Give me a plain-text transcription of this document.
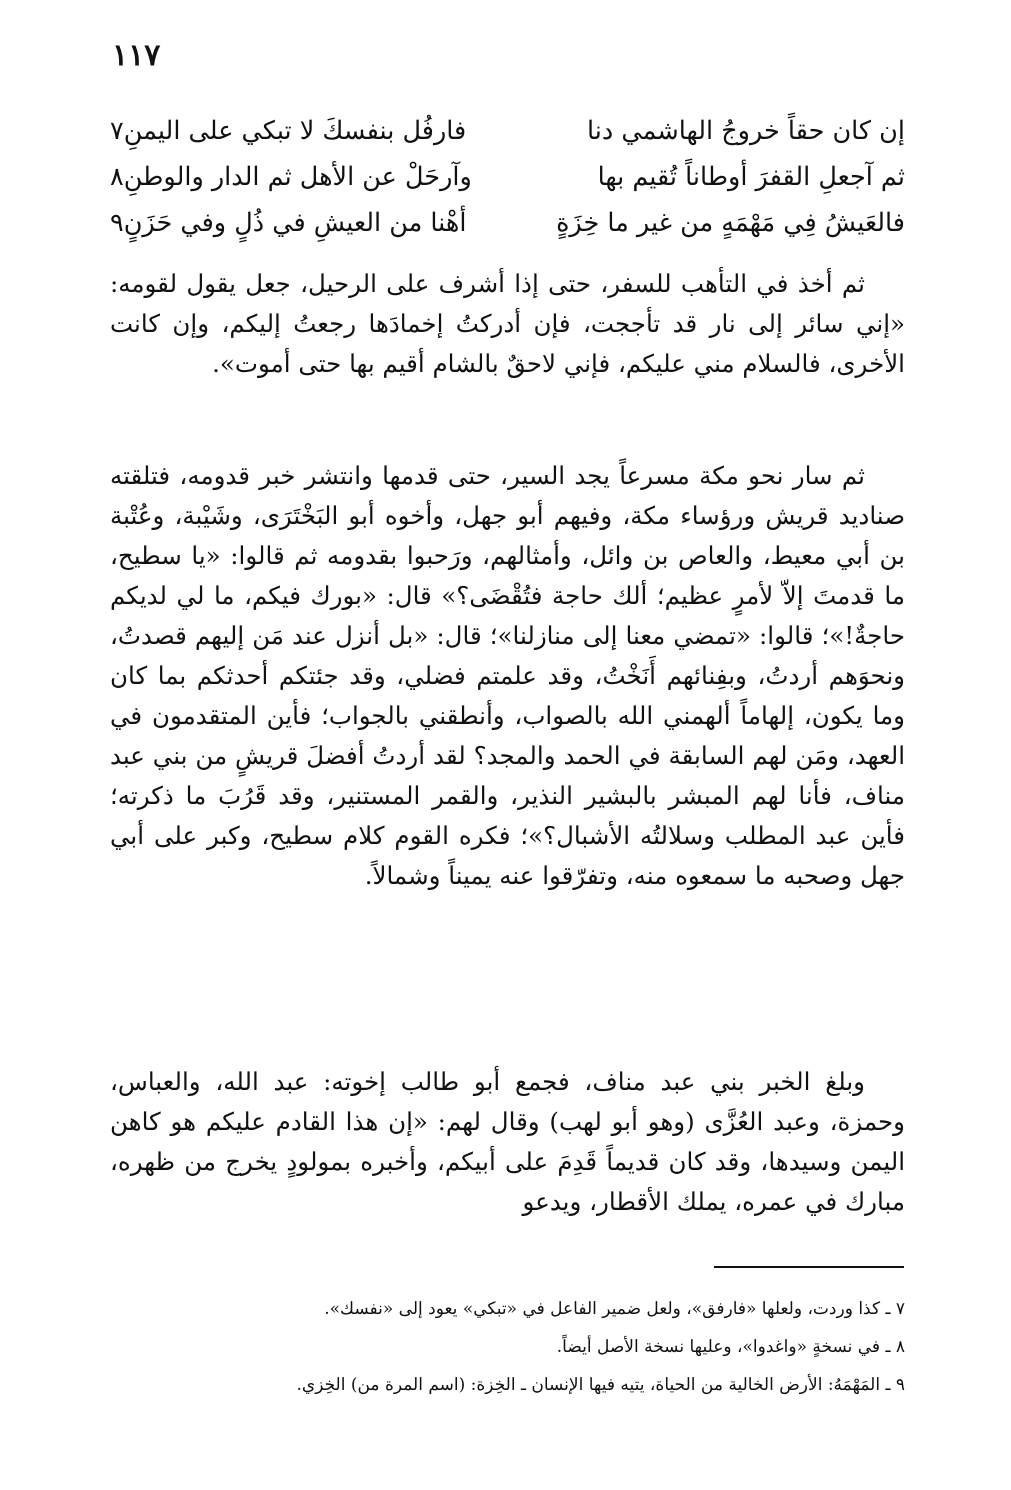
١١٧
إن كان حقاً خروجُ الهاشمي دنا
فارفُل بنفسكَ لا تبكي على اليمنِ٧
ثم آجعلِ القفرَ أوطاناً تُقيم بها
وآرحَلْ عن الأهل ثم الدار والوطنِ٨
فالعَيشُ فِي مَهْمَهٍ من غير ما خِزَةٍ
أهْنا من العيشِ في ذُلٍ وفي حَزَنٍ٩

ثم أخذ في التأهب للسفر، حتى إذا أشرف على الرحيل، جعل يقول لقومه: «إني سائر إلى نار قد تأججت، فإن أدركتُ إخمادَها رجعتُ إليكم، وإن كانت الأخرى، فالسلام مني عليكم، فإني لاحقٌ بالشام أقيم بها حتى أموت».

ثم سار نحو مكة مسرعاً يجد السير، حتى قدمها وانتشر خبر قدومه، فتلقته صناديد قريش ورؤساء مكة، وفيهم أبو جهل، وأخوه أبو البَخْتَرَى، وشَيْبة، وعُتْبة بن أبي معيط، والعاص بن وائل، وأمثالهم، ورَحبوا بقدومه ثم قالوا: «يا سطيح، ما قدمتَ إلاّ لأمرٍ عظيم؛ ألك حاجة فتُقْضَى؟» قال: «بورك فيكم، ما لي لديكم حاجةٌ!»؛ قالوا: «تمضي معنا إلى منازلنا»؛ قال: «بل أنزل عند مَن إليهم قصدتُ، ونحوَهم أردتُ، وبفِنائهم أَنَخْتُ، وقد علمتم فضلي، وقد جئتكم أحدثكم بما كان وما يكون، إلهاماً ألهمني الله بالصواب، وأنطقني بالجواب؛ فأين المتقدمون في العهد، ومَن لهم السابقة في الحمد والمجد؟ لقد أردتُ أفضلَ قريشٍ من بني عبد مناف، فأنا لهم المبشر بالبشير النذير، والقمر المستنير، وقد قَرُبَ ما ذكرته؛ فأين عبد المطلب وسلالتُه الأشبال؟»؛ فكره القوم كلام سطيح، وكبر على أبي جهل وصحبه ما سمعوه منه، وتفرّقوا عنه يميناً وشمالاً.

وبلغ الخبر بني عبد مناف، فجمع أبو طالب إخوته: عبد الله، والعباس، وحمزة، وعبد العُزَّى (وهو أبو لهب) وقال لهم: «إن هذا القادم عليكم هو كاهن اليمن وسيدها، وقد كان قديماً قَدِمَ على أبيكم، وأخبره بمولودٍ يخرج من ظهره، مبارك في عمره، يملك الأقطار، ويدعو

٧ ـ كذا وردت، ولعلها «فارفق»، ولعل ضمير الفاعل في «تبكي» يعود إلى «نفسك».

٨ ـ في نسخةٍ «واغدوا»، وعليها نسخة الأصل أيضاً.

٩ ـ المَهْمَهُ: الأرض الخالية من الحياة، يتيه فيها الإنسان ـ الخِزة: (اسم المرة من) الخِزي.
